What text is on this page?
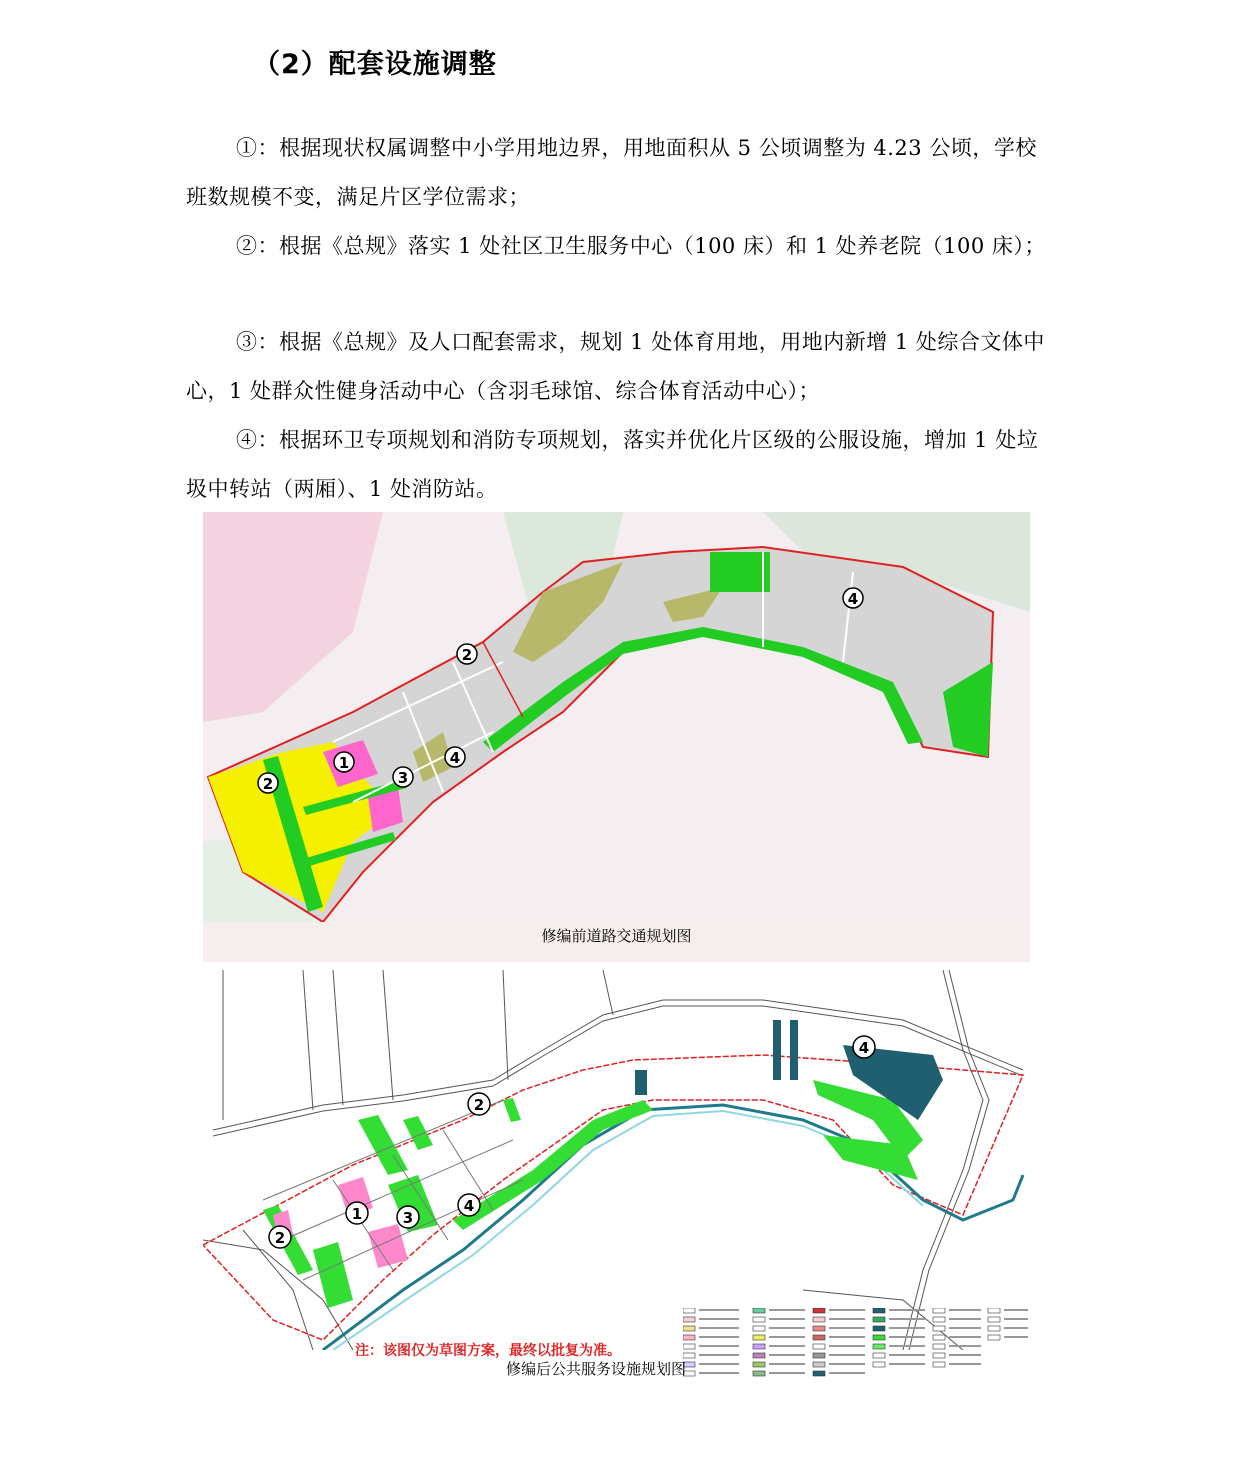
（2）配套设施调整
①：根据现状权属调整中小学用地边界，用地面积从 5 公顷调整为 4.23 公顷，学校班数规模不变，满足片区学位需求；
②：根据《总规》落实 1 处社区卫生服务中心（100 床）和 1 处养老院（100 床）；
③：根据《总规》及人口配套需求，规划 1 处体育用地，用地内新增 1 处综合文体中心，1 处群众性健身活动中心（含羽毛球馆、综合体育活动中心）；
④：根据环卫专项规划和消防专项规划，落实并优化片区级的公服设施，增加 1 处垃圾中转站（两厢）、1 处消防站。
1
2	3
4
2
4
修编前道路交通规划图
1
2
3
4
2
4
注：该图仅为草图方案，最终以批复为准。
修编后公共服务设施规划图
